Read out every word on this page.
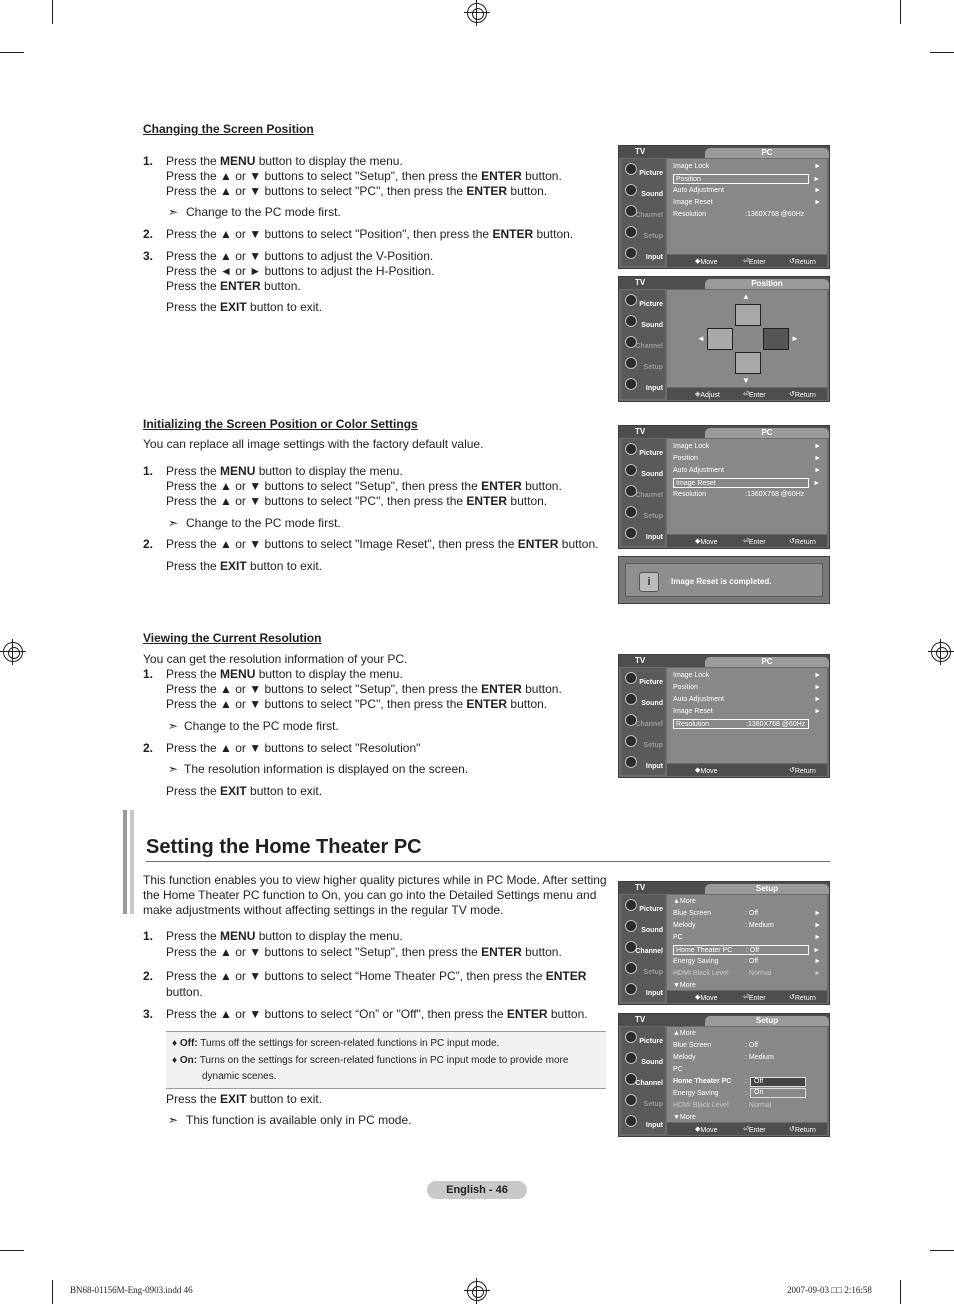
Changing the Screen Position
1. Press the MENU button to display the menu.
Press the ▲ or ▼ buttons to select "Setup", then press the ENTER button.
Press the ▲ or ▼ buttons to select "PC", then press the ENTER button.
➣ Change to the PC mode first.
2. Press the ▲ or ▼ buttons to select "Position", then press the ENTER button.
3. Press the ▲ or ▼ buttons to adjust the V-Position.
Press the ◄ or ► buttons to adjust the H-Position.
Press the ENTER button.
Press the EXIT button to exit.
TV	PC
Picture
Sound
Channel
Setup
Input
Image Lock	►
Position	►
Auto Adjustment	►
Image Reset	►
Resolution	:1360X768 @60Hz
◆ Move	⏎ Enter	↺ Return
TV	Position
Picture
Sound
Channel
Setup
Input
▲
◄	►
▼
◈ Adjust	⏎ Enter	↺ Return
Initializing the Screen Position or Color Settings
You can replace all image settings with the factory default value.
1. Press the MENU button to display the menu.
Press the ▲ or ▼ buttons to select "Setup", then press the ENTER button.
Press the ▲ or ▼ buttons to select "PC", then press the ENTER button.
➣ Change to the PC mode first.
2. Press the ▲ or ▼ buttons to select "Image Reset", then press the ENTER button.
Press the EXIT button to exit.
TV	PC
Picture
Sound
Channel
Setup
Input
Image Lock	►
Position	►
Auto Adjustment	►
Image Reset	►
Resolution	:1360X768 @60Hz
◆ Move	⏎ Enter	↺ Return
i	Image Reset is completed.
Viewing the Current Resolution
You can get the resolution information of your PC.
1. Press the MENU button to display the menu.
Press the ▲ or ▼ buttons to select "Setup", then press the ENTER button.
Press the ▲ or ▼ buttons to select "PC", then press the ENTER button.
➣ Change to the PC mode first.
2. Press the ▲ or ▼ buttons to select "Resolution"
➣ The resolution information is displayed on the screen.
Press the EXIT button to exit.
TV	PC
Picture
Sound
Channel
Setup
Input
Image Lock	►
Position	►
Auto Adjustment	►
Image Reset	►
Resolution	:1360X768 @60Hz
◆ Move	↺ Return
Setting the Home Theater PC
This function enables you to view higher quality pictures while in PC Mode. After setting
the Home Theater PC function to On, you can go into the Detailed Settings menu and
make adjustments without affecting settings in the regular TV mode.
1. Press the MENU button to display the menu.
Press the ▲ or ▼ buttons to select "Setup", then press the ENTER button.
2. Press the ▲ or ▼ buttons to select “Home Theater PC”, then press the ENTER
button.
3. Press the ▲ or ▼ buttons to select “On” or "Off", then press the ENTER button.
♦ Off: Turns off the settings for screen-related functions in PC input mode.
♦ On: Turns on the settings for screen-related functions in PC input mode to provide more
dynamic scenes.
Press the EXIT button to exit.
➣ This function is available only in PC mode.
TV	Setup
Picture
Sound
Channel
Setup
Input
▲More
Blue Screen	: Off	►
Melody	: Medium	►
PC	►
Home Theater PC : Off	►
Energy Saving	: Off	►
HDMI Black Level : Normal	►
▼More
◆ Move	⏎ Enter	↺ Return
TV	Setup
Picture
Sound
Channel
Setup
Input
▲More
Blue Screen	: Off
Melody	: Medium
PC
Home Theater PC :	Off
On
Energy Saving	:
HDMI Black Level : Normal
▼More
◆ Move	⏎ Enter	↺ Return
English - 46
BN68-01156M-Eng-0903.indd 46	2007-09-03 □□ 2:16:58
